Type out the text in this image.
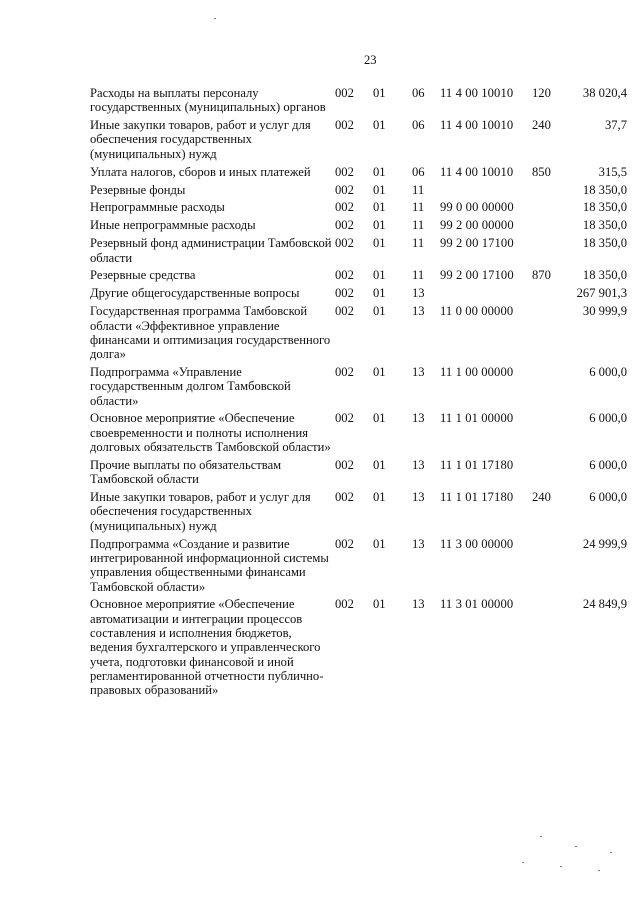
23
Расходы на выплаты персоналу государственных (муниципальных) органов	002	01	06	11 4 00 10010	120	38 020,4
Иные закупки товаров, работ и услуг для обеспечения государственных (муниципальных) нужд	002	01	06	11 4 00 10010	240	37,7
Уплата налогов, сборов и иных платежей	002	01	06	11 4 00 10010	850	315,5
Резервные фонды	002	01	11			18 350,0
Непрограммные расходы	002	01	11	99 0 00 00000		18 350,0
Иные непрограммные расходы	002	01	11	99 2 00 00000		18 350,0
Резервный фонд администрации Тамбовской области	002	01	11	99 2 00 17100		18 350,0
Резервные средства	002	01	11	99 2 00 17100	870	18 350,0
Другие общегосударственные вопросы	002	01	13			267 901,3
Государственная программа Тамбовской области «Эффективное управление финансами и оптимизация государственного долга»	002	01	13	11 0 00 00000		30 999,9
Подпрограмма «Управление государственным долгом Тамбовской области»	002	01	13	11 1 00 00000		6 000,0
Основное мероприятие «Обеспечение своевременности и полноты исполнения долговых обязательств Тамбовской области»	002	01	13	11 1 01 00000		6 000,0
Прочие выплаты по обязательствам Тамбовской области	002	01	13	11 1 01 17180		6 000,0
Иные закупки товаров, работ и услуг для обеспечения государственных (муниципальных) нужд	002	01	13	11 1 01 17180	240	6 000,0
Подпрограмма «Создание и развитие интегрированной информационной системы управления общественными финансами Тамбовской области»	002	01	13	11 3 00 00000		24 999,9
Основное мероприятие «Обеспечение автоматизации и интеграции процессов составления и исполнения бюджетов, ведения бухгалтерского и управленческого учета, подготовки финансовой и иной регламентированной отчетности публично-правовых образований»	002	01	13	11 3 01 00000		24 849,9
